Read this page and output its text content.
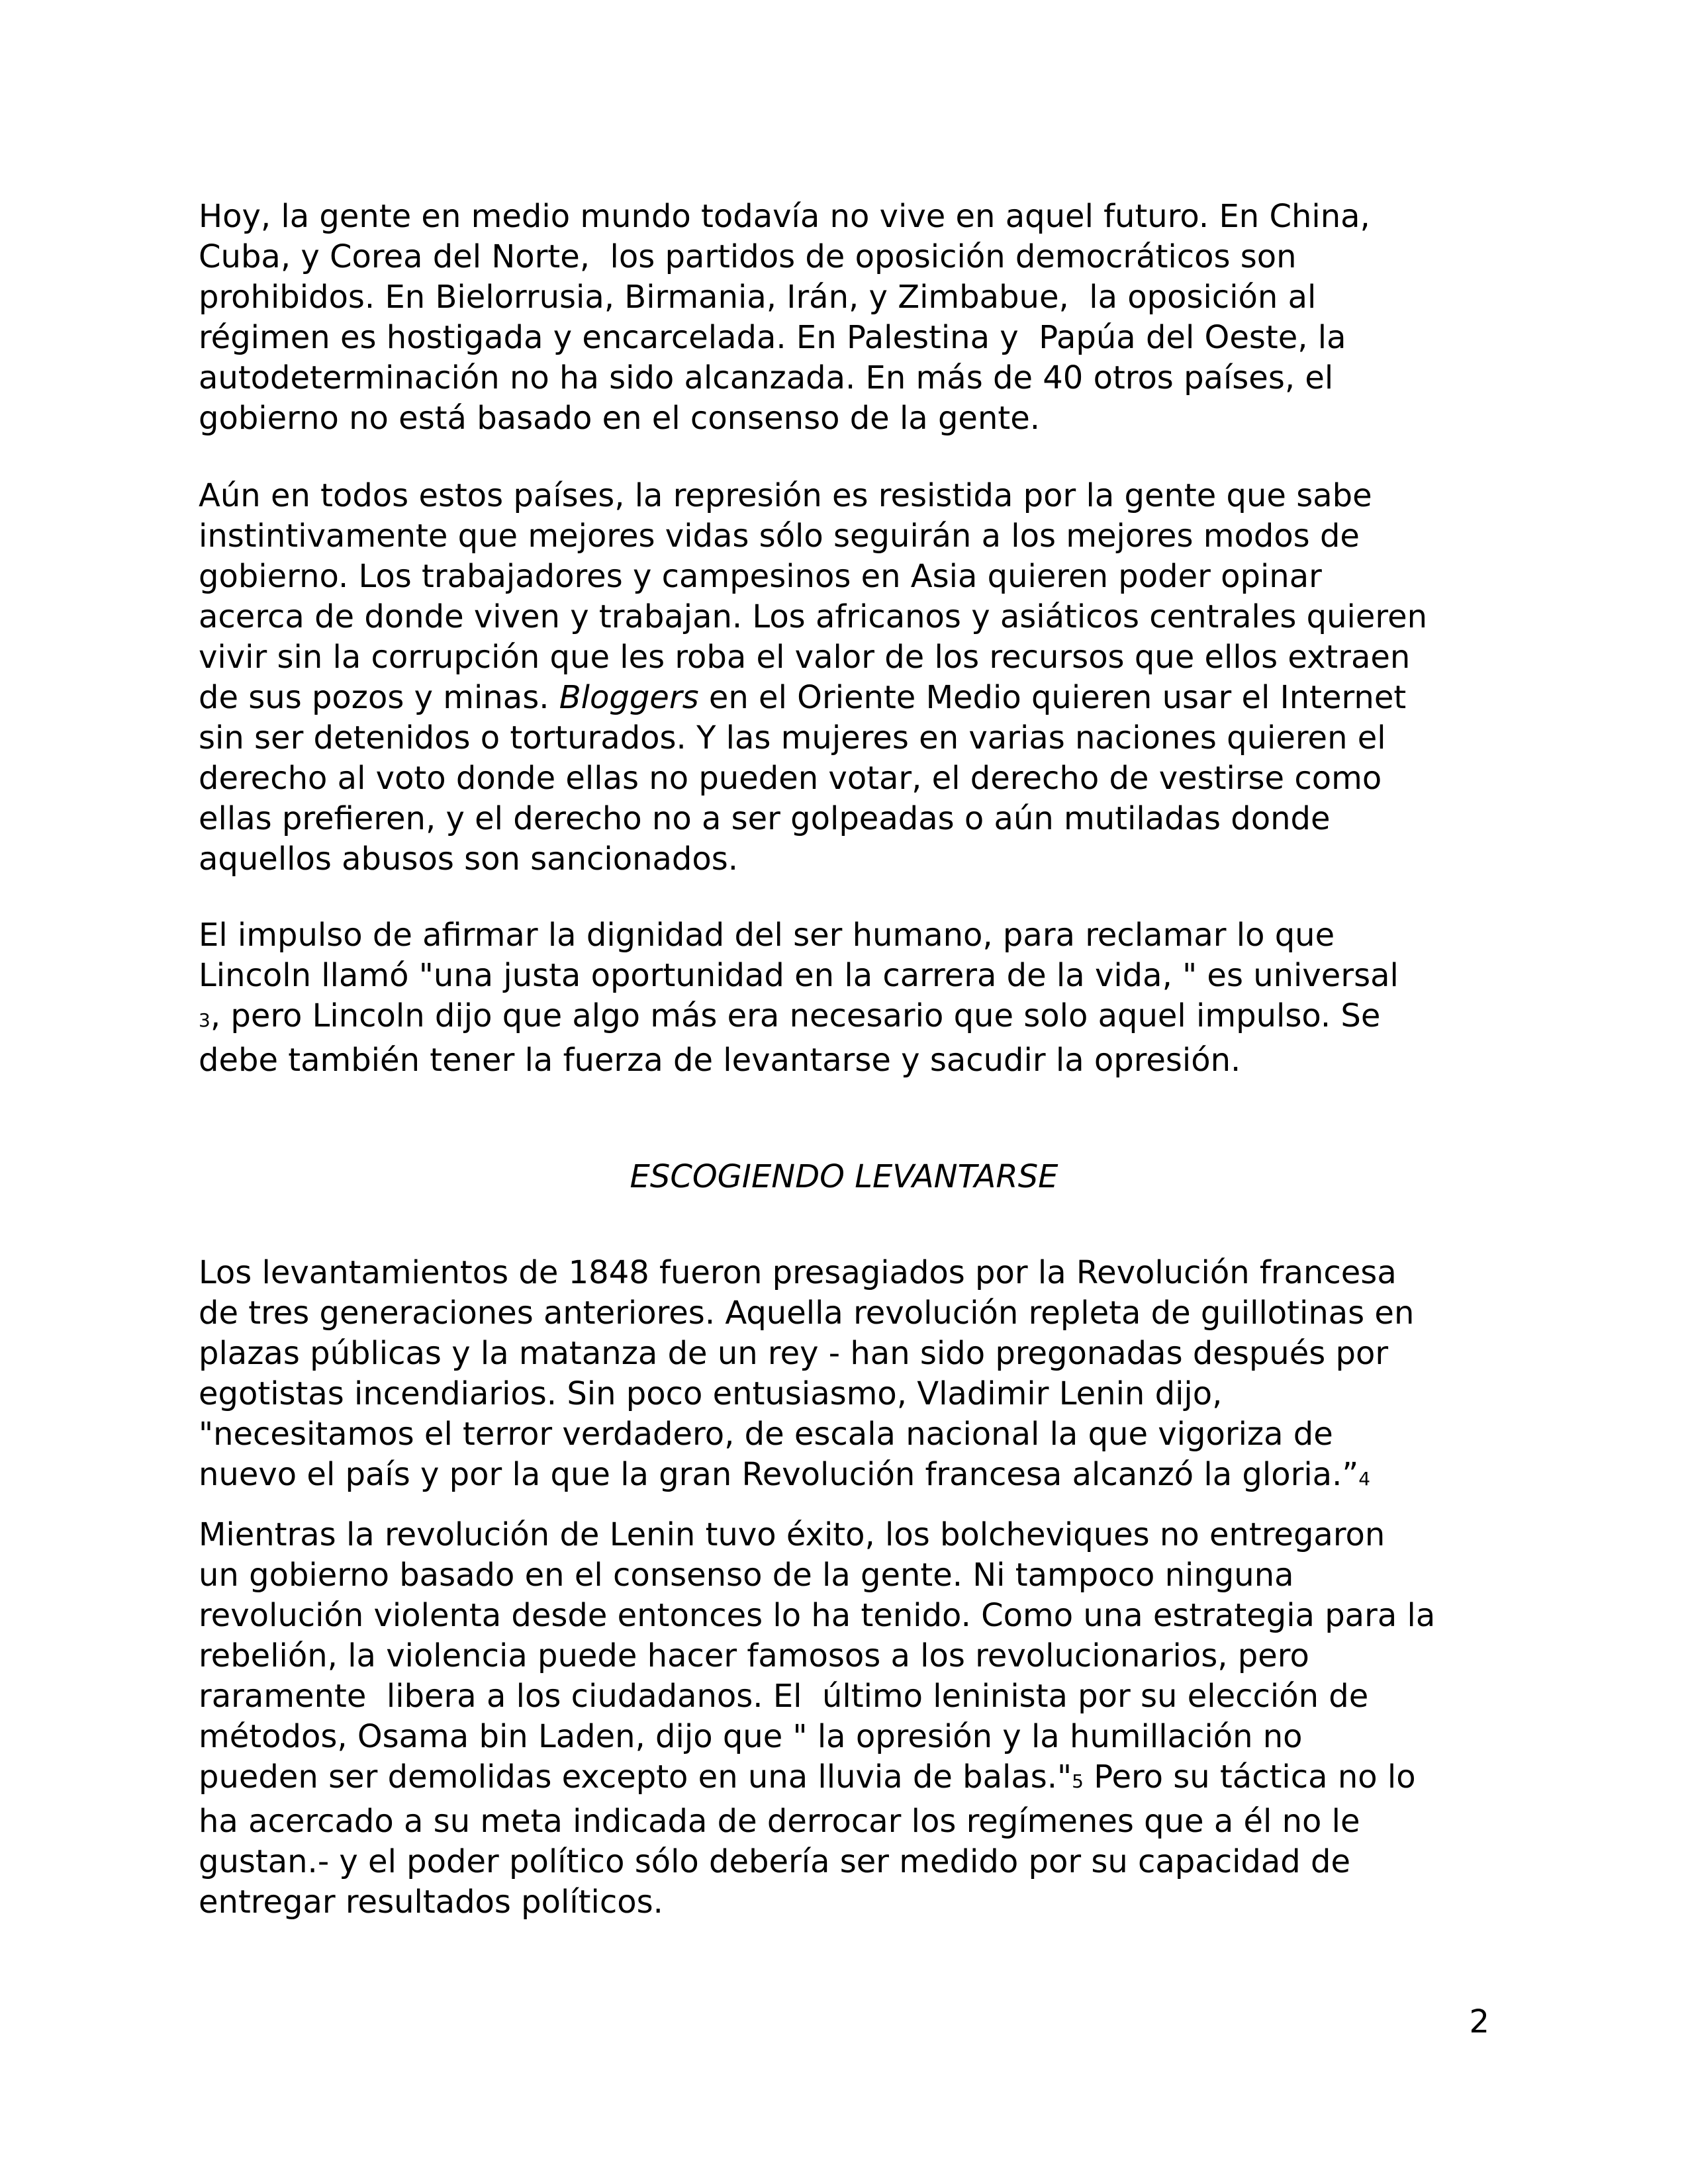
Hoy, la gente en medio mundo todavía no vive en aquel futuro. En China,
Cuba, y Corea del Norte,  los partidos de oposición democráticos son
prohibidos. En Bielorrusia, Birmania, Irán, y Zimbabue,  la oposición al
régimen es hostigada y encarcelada. En Palestina y  Papúa del Oeste, la
autodeterminación no ha sido alcanzada. En más de 40 otros países, el
gobierno no está basado en el consenso de la gente.

Aún en todos estos países, la represión es resistida por la gente que sabe
instintivamente que mejores vidas sólo seguirán a los mejores modos de
gobierno. Los trabajadores y campesinos en Asia quieren poder opinar
acerca de donde viven y trabajan. Los africanos y asiáticos centrales quieren
vivir sin la corrupción que les roba el valor de los recursos que ellos extraen
de sus pozos y minas. Bloggers en el Oriente Medio quieren usar el Internet
sin ser detenidos o torturados. Y las mujeres en varias naciones quieren el
derecho al voto donde ellas no pueden votar, el derecho de vestirse como
ellas prefieren, y el derecho no a ser golpeadas o aún mutiladas donde
aquellos abusos son sancionados.

El impulso de afirmar la dignidad del ser humano, para reclamar lo que
Lincoln llamó "una justa oportunidad en la carrera de la vida, " es universal
3, pero Lincoln dijo que algo más era necesario que solo aquel impulso. Se
debe también tener la fuerza de levantarse y sacudir la opresión.

ESCOGIENDO LEVANTARSE

Los levantamientos de 1848 fueron presagiados por la Revolución francesa
de tres generaciones anteriores. Aquella revolución repleta de guillotinas en
plazas públicas y la matanza de un rey - han sido pregonadas después por
egotistas incendiarios. Sin poco entusiasmo, Vladimir Lenin dijo,
"necesitamos el terror verdadero, de escala nacional la que vigoriza de
nuevo el país y por la que la gran Revolución francesa alcanzó la gloria.”4

Mientras la revolución de Lenin tuvo éxito, los bolcheviques no entregaron
un gobierno basado en el consenso de la gente. Ni tampoco ninguna
revolución violenta desde entonces lo ha tenido. Como una estrategia para la
rebelión, la violencia puede hacer famosos a los revolucionarios, pero
raramente  libera a los ciudadanos. El  último leninista por su elección de
métodos, Osama bin Laden, dijo que " la opresión y la humillación no
pueden ser demolidas excepto en una lluvia de balas."5 Pero su táctica no lo
ha acercado a su meta indicada de derrocar los regímenes que a él no le
gustan.- y el poder político sólo debería ser medido por su capacidad de
entregar resultados políticos.

2
